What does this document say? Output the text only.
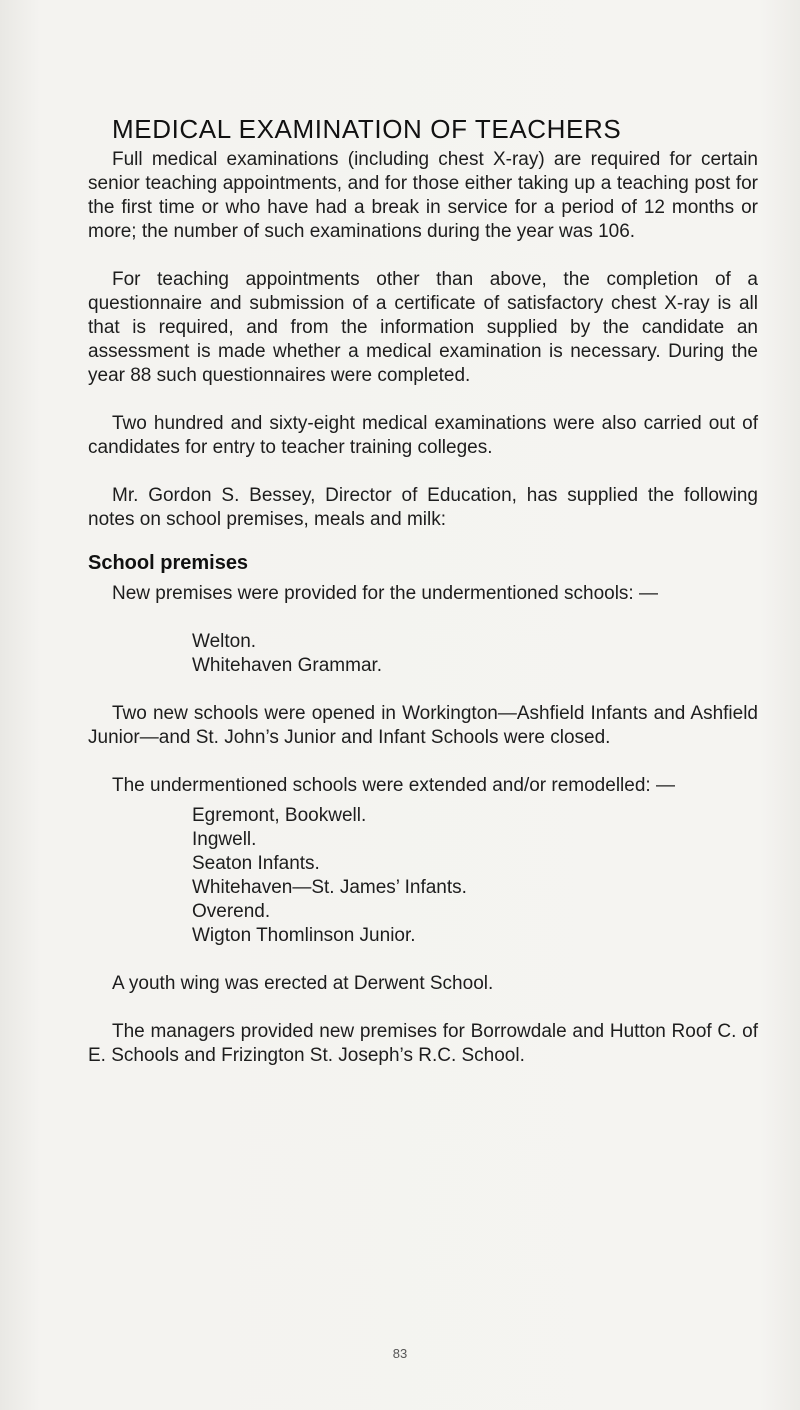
MEDICAL EXAMINATION OF TEACHERS

Full medical examinations (including chest X-ray) are required for certain senior teaching appointments, and for those either taking up a teaching post for the first time or who have had a break in service for a period of 12 months or more; the number of such examinations during the year was 106.

For teaching appointments other than above, the completion of a questionnaire and submission of a certificate of satisfactory chest X-ray is all that is required, and from the information supplied by the candidate an assessment is made whether a medical examination is necessary. During the year 88 such questionnaires were completed.

Two hundred and sixty-eight medical examinations were also carried out of candidates for entry to teacher training colleges.

Mr. Gordon S. Bessey, Director of Education, has supplied the following notes on school premises, meals and milk:

School premises

New premises were provided for the undermentioned schools: —

Welton.
Whitehaven Grammar.

Two new schools were opened in Workington—Ashfield Infants and Ashfield Junior—and St. John’s Junior and Infant Schools were closed.

The undermentioned schools were extended and/or remodelled: —

Egremont, Bookwell.
Ingwell.
Seaton Infants.
Whitehaven—St. James’ Infants.
Overend.
Wigton Thomlinson Junior.

A youth wing was erected at Derwent School.

The managers provided new premises for Borrowdale and Hutton Roof C. of E. Schools and Frizington St. Joseph’s R.C. School.

83
